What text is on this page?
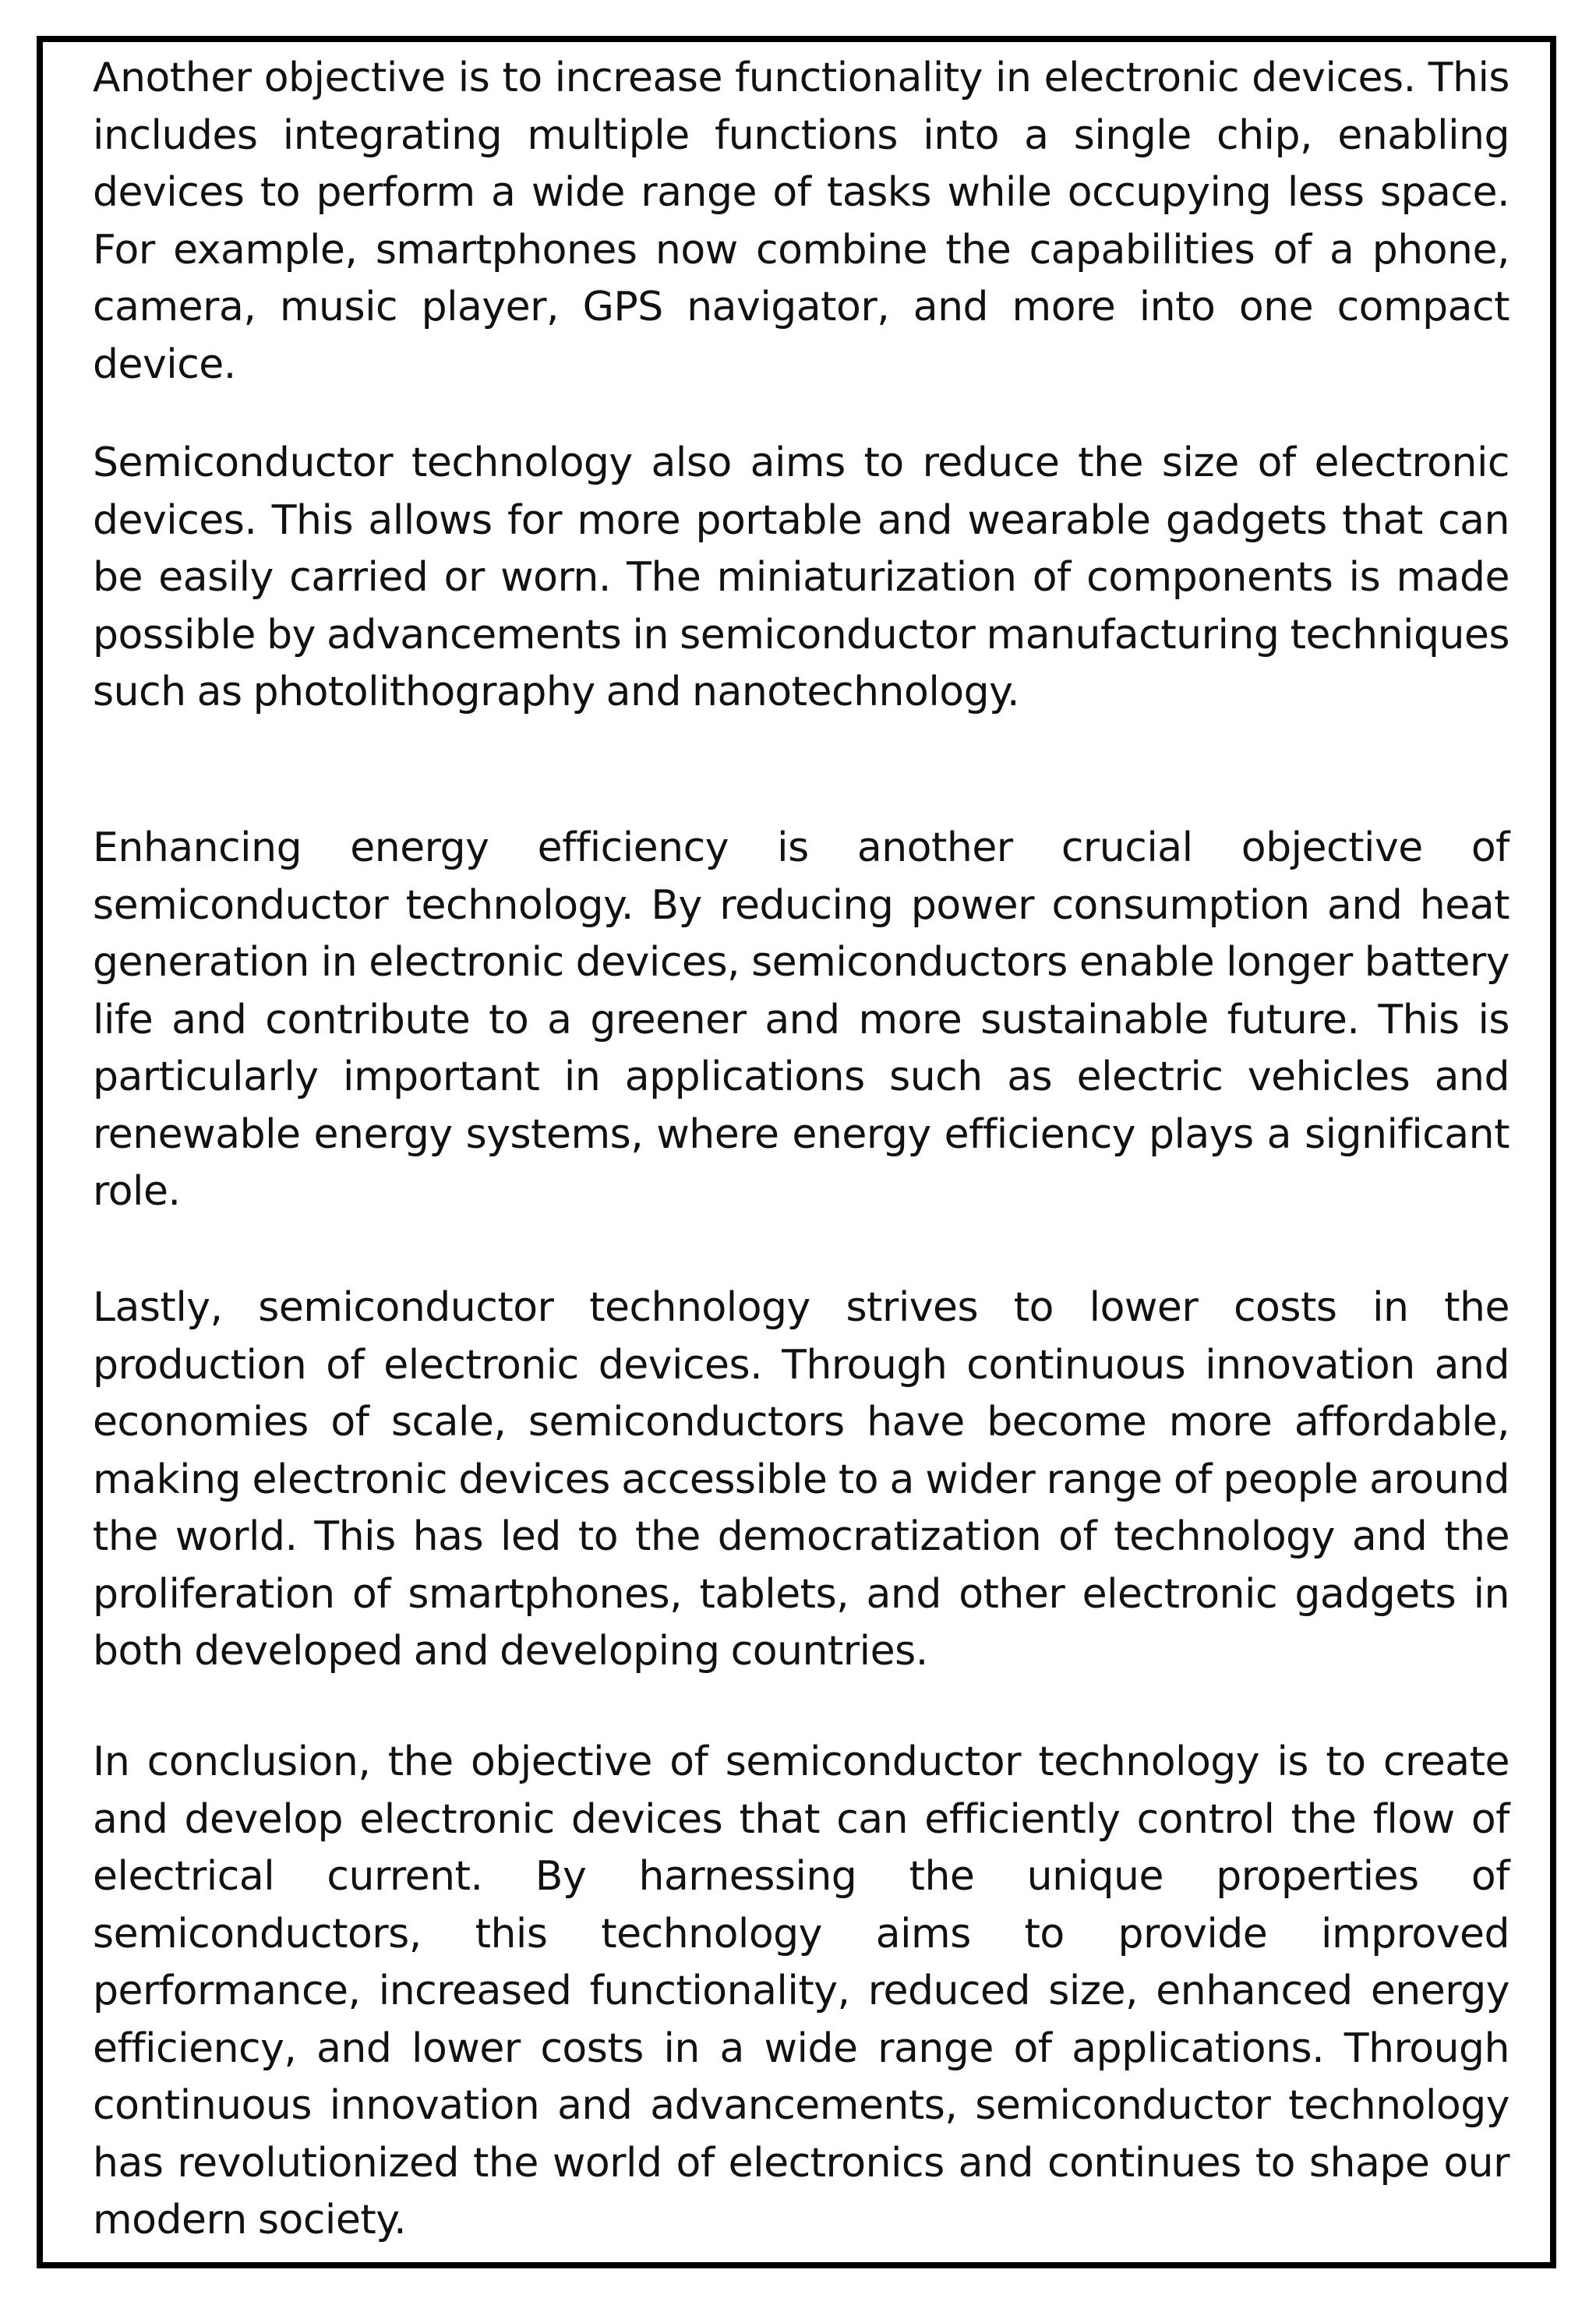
Another objective is to increase functionality in electronic devices. This includes integrating multiple functions into a single chip, enabling devices to perform a wide range of tasks while occupying less space. For example, smartphones now combine the capabilities of a phone, camera, music player, GPS navigator, and more into one compact device.

Semiconductor technology also aims to reduce the size of electronic devices. This allows for more portable and wearable gadgets that can be easily carried or worn. The miniaturization of components is made possible by advancements in semiconductor manufacturing techniques such as photolithography and nanotechnology.

Enhancing energy efficiency is another crucial objective of semiconductor technology. By reducing power consumption and heat generation in electronic devices, semiconductors enable longer battery life and contribute to a greener and more sustainable future. This is particularly important in applications such as electric vehicles and renewable energy systems, where energy efficiency plays a significant role.

Lastly, semiconductor technology strives to lower costs in the production of electronic devices. Through continuous innovation and economies of scale, semiconductors have become more affordable, making electronic devices accessible to a wider range of people around the world. This has led to the democratization of technology and the proliferation of smartphones, tablets, and other electronic gadgets in both developed and developing countries.

In conclusion, the objective of semiconductor technology is to create and develop electronic devices that can efficiently control the flow of electrical current. By harnessing the unique properties of semiconductors, this technology aims to provide improved performance, increased functionality, reduced size, enhanced energy efficiency, and lower costs in a wide range of applications. Through continuous innovation and advancements, semiconductor technology has revolutionized the world of electronics and continues to shape our modern society.
